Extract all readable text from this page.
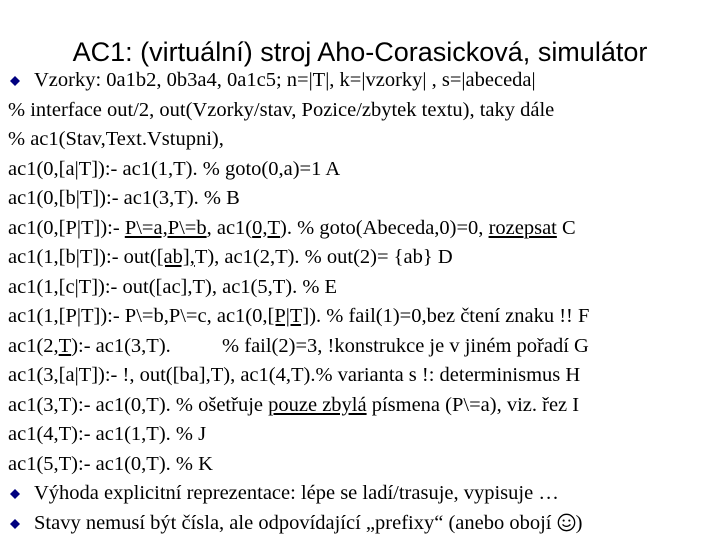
AC1: (virtuální) stroj Aho-Corasicková, simulátor
Vzorky: 0a1b2, 0b3a4, 0a1c5; n=|T|, k=|vzorky| , s=|abeceda|
% interface out/2, out(Vzorky/stav, Pozice/zbytek textu), taky dále
% ac1(Stav,Text.Vstupni),
ac1(0,[a|T]):- ac1(1,T). % goto(0,a)=1 A
ac1(0,[b|T]):- ac1(3,T). % B
ac1(0,[P|T]):- P\=a,P\=b, ac1(0,T). % goto(Abeceda,0)=0, rozepsat C
ac1(1,[b|T]):- out([ab],T), ac1(2,T). % out(2)= {ab} D
ac1(1,[c|T]):- out([ac],T), ac1(5,T). % E
ac1(1,[P|T]):- P\=b,P\=c, ac1(0,[P|T]). % fail(1)=0,bez čtení znaku !! F
ac1(2,T):- ac1(3,T).          % fail(2)=3, !konstrukce je v jiném pořadí G
ac1(3,[a|T]):- !, out([ba],T), ac1(4,T).% varianta s !: determinismus H
ac1(3,T):- ac1(0,T). % ošetřuje pouze zbylá písmena (P\=a), viz. řez I
ac1(4,T):- ac1(1,T). % J
ac1(5,T):- ac1(0,T). % K
Výhoda explicitní reprezentace: lépe se ladí/trasuje, vypisuje …
Stavy nemusí být čísla, ale odpovídající „prefixy“ (anebo obojí )
